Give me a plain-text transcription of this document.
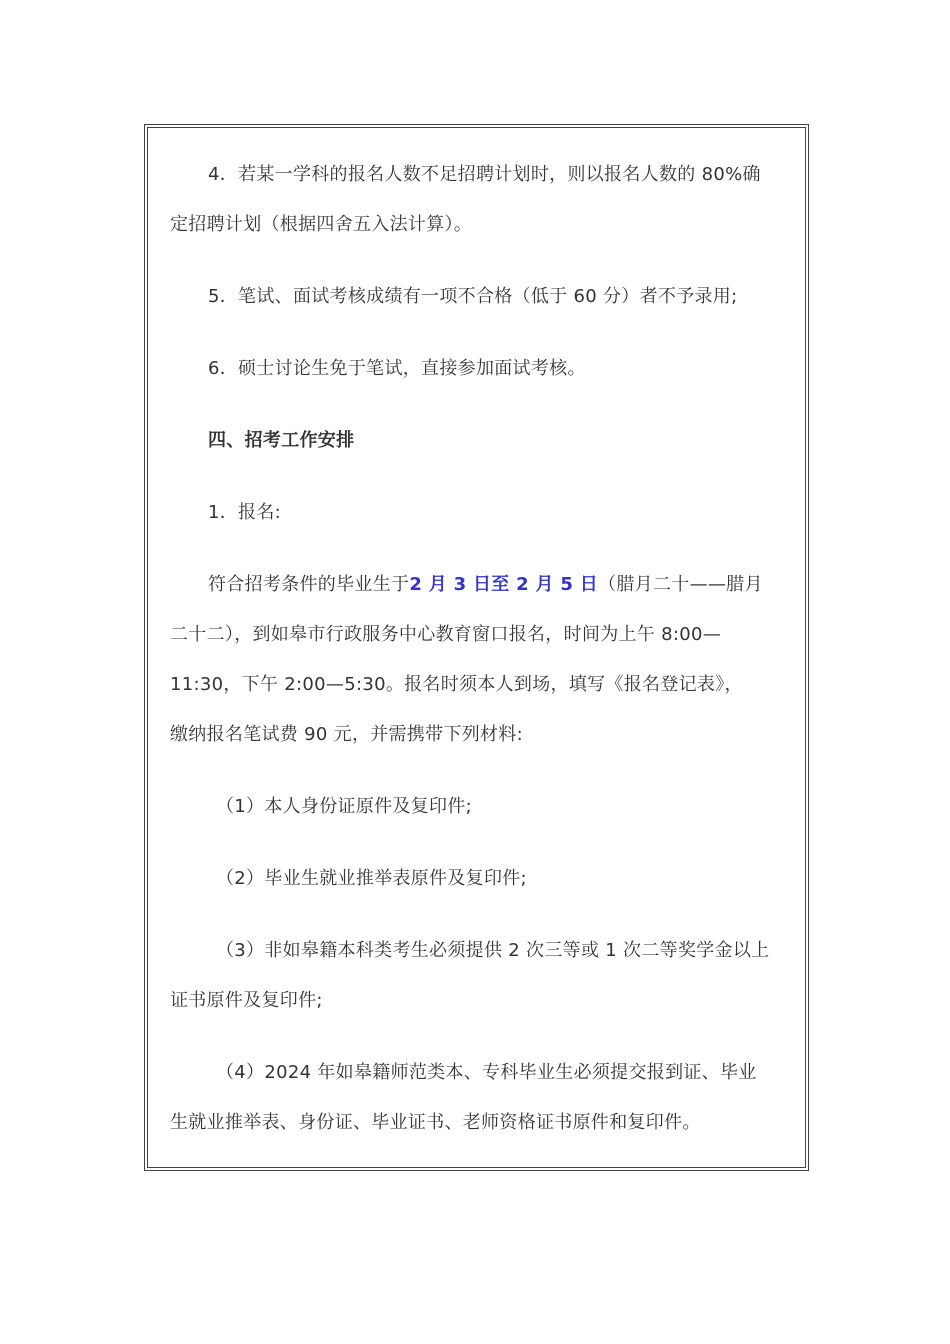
4．若某一学科的报名人数不足招聘计划时，则以报名人数的 80%确
定招聘计划（根据四舍五入法计算）。
5．笔试、面试考核成绩有一项不合格（低于 60 分）者不予录用;
6．硕士讨论生免于笔试，直接参加面试考核。
四、招考工作安排
1．报名:
符合招考条件的毕业生于2 月 3 日至 2 月 5 日（腊月二十——腊月
二十二），到如皋市行政服务中心教育窗口报名，时间为上午 8:00—
11:30，下午 2:00—5:30。报名时须本人到场，填写《报名登记表》，
缴纳报名笔试费 90 元，并需携带下列材料:
（1）本人身份证原件及复印件;
（2）毕业生就业推举表原件及复印件;
（3）非如皋籍本科类考生必须提供 2 次三等或 1 次二等奖学金以上
证书原件及复印件;
（4）2024 年如皋籍师范类本、专科毕业生必须提交报到证、毕业
生就业推举表、身份证、毕业证书、老师资格证书原件和复印件。
